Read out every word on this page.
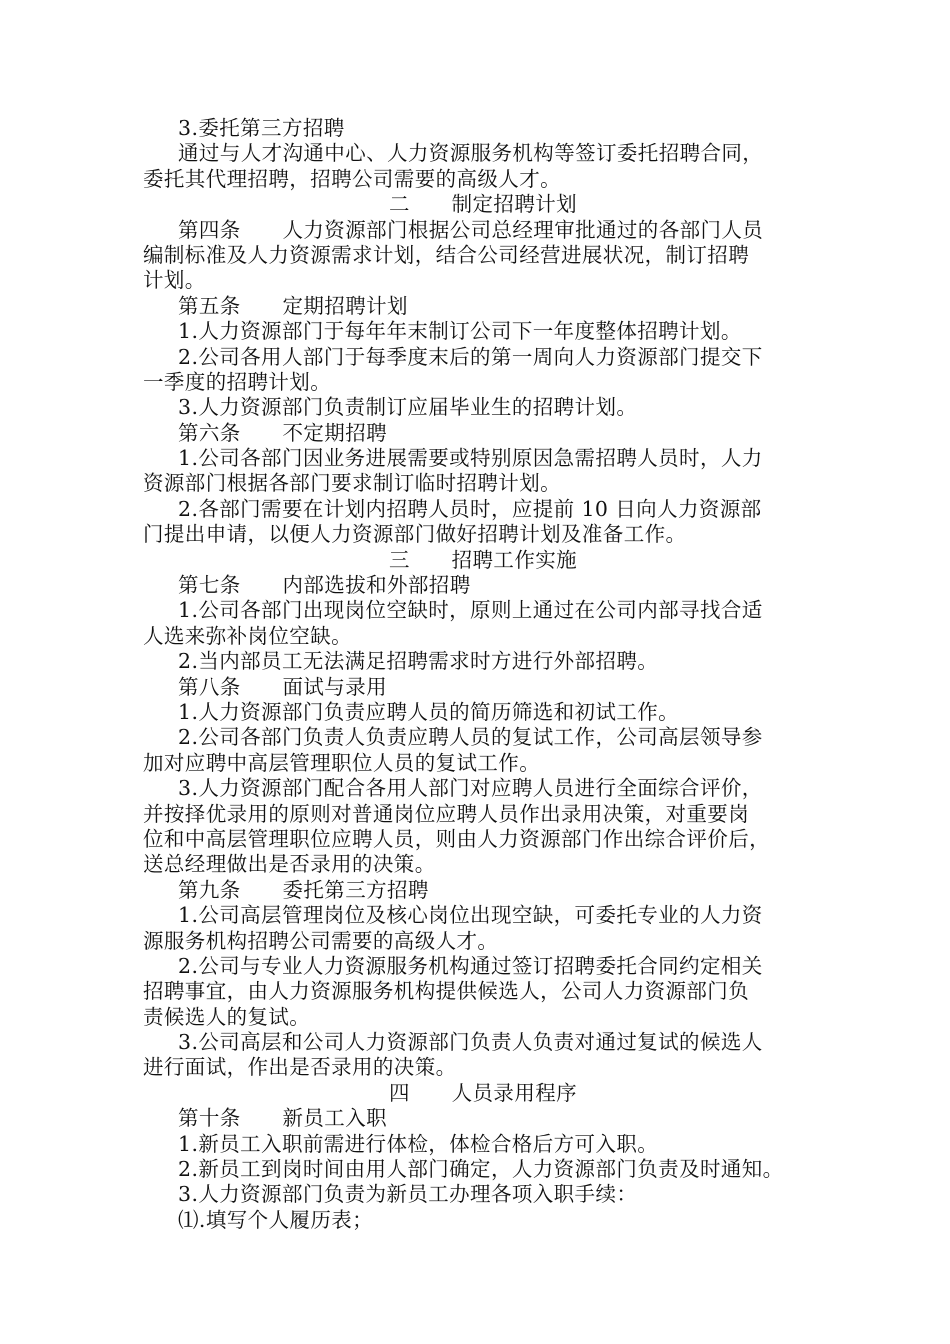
3.委托第三方招聘
通过与人才沟通中心、人力资源服务机构等签订委托招聘合同，
委托其代理招聘，招聘公司需要的高级人才。
二　　制定招聘计划
第四条　　人力资源部门根据公司总经理审批通过的各部门人员
编制标准及人力资源需求计划，结合公司经营进展状况，制订招聘
计划。
第五条　　定期招聘计划
1.人力资源部门于每年年末制订公司下一年度整体招聘计划。
2.公司各用人部门于每季度末后的第一周向人力资源部门提交下
一季度的招聘计划。
3.人力资源部门负责制订应届毕业生的招聘计划。
第六条　　不定期招聘
1.公司各部门因业务进展需要或特别原因急需招聘人员时，人力
资源部门根据各部门要求制订临时招聘计划。
2.各部门需要在计划内招聘人员时，应提前 10 日向人力资源部
门提出申请，以便人力资源部门做好招聘计划及准备工作。
三　　招聘工作实施
第七条　　内部选拔和外部招聘
1.公司各部门出现岗位空缺时，原则上通过在公司内部寻找合适
人选来弥补岗位空缺。
2.当内部员工无法满足招聘需求时方进行外部招聘。
第八条　　面试与录用
1.人力资源部门负责应聘人员的简历筛选和初试工作。
2.公司各部门负责人负责应聘人员的复试工作，公司高层领导参
加对应聘中高层管理职位人员的复试工作。
3.人力资源部门配合各用人部门对应聘人员进行全面综合评价，
并按择优录用的原则对普通岗位应聘人员作出录用决策，对重要岗
位和中高层管理职位应聘人员，则由人力资源部门作出综合评价后，
送总经理做出是否录用的决策。
第九条　　委托第三方招聘
1.公司高层管理岗位及核心岗位出现空缺，可委托专业的人力资
源服务机构招聘公司需要的高级人才。
2.公司与专业人力资源服务机构通过签订招聘委托合同约定相关
招聘事宜，由人力资源服务机构提供候选人，公司人力资源部门负
责候选人的复试。
3.公司高层和公司人力资源部门负责人负责对通过复试的候选人
进行面试，作出是否录用的决策。
四　　人员录用程序
第十条　　新员工入职
1.新员工入职前需进行体检，体检合格后方可入职。
2.新员工到岗时间由用人部门确定，人力资源部门负责及时通知。
3.人力资源部门负责为新员工办理各项入职手续：
⑴.填写个人履历表；
